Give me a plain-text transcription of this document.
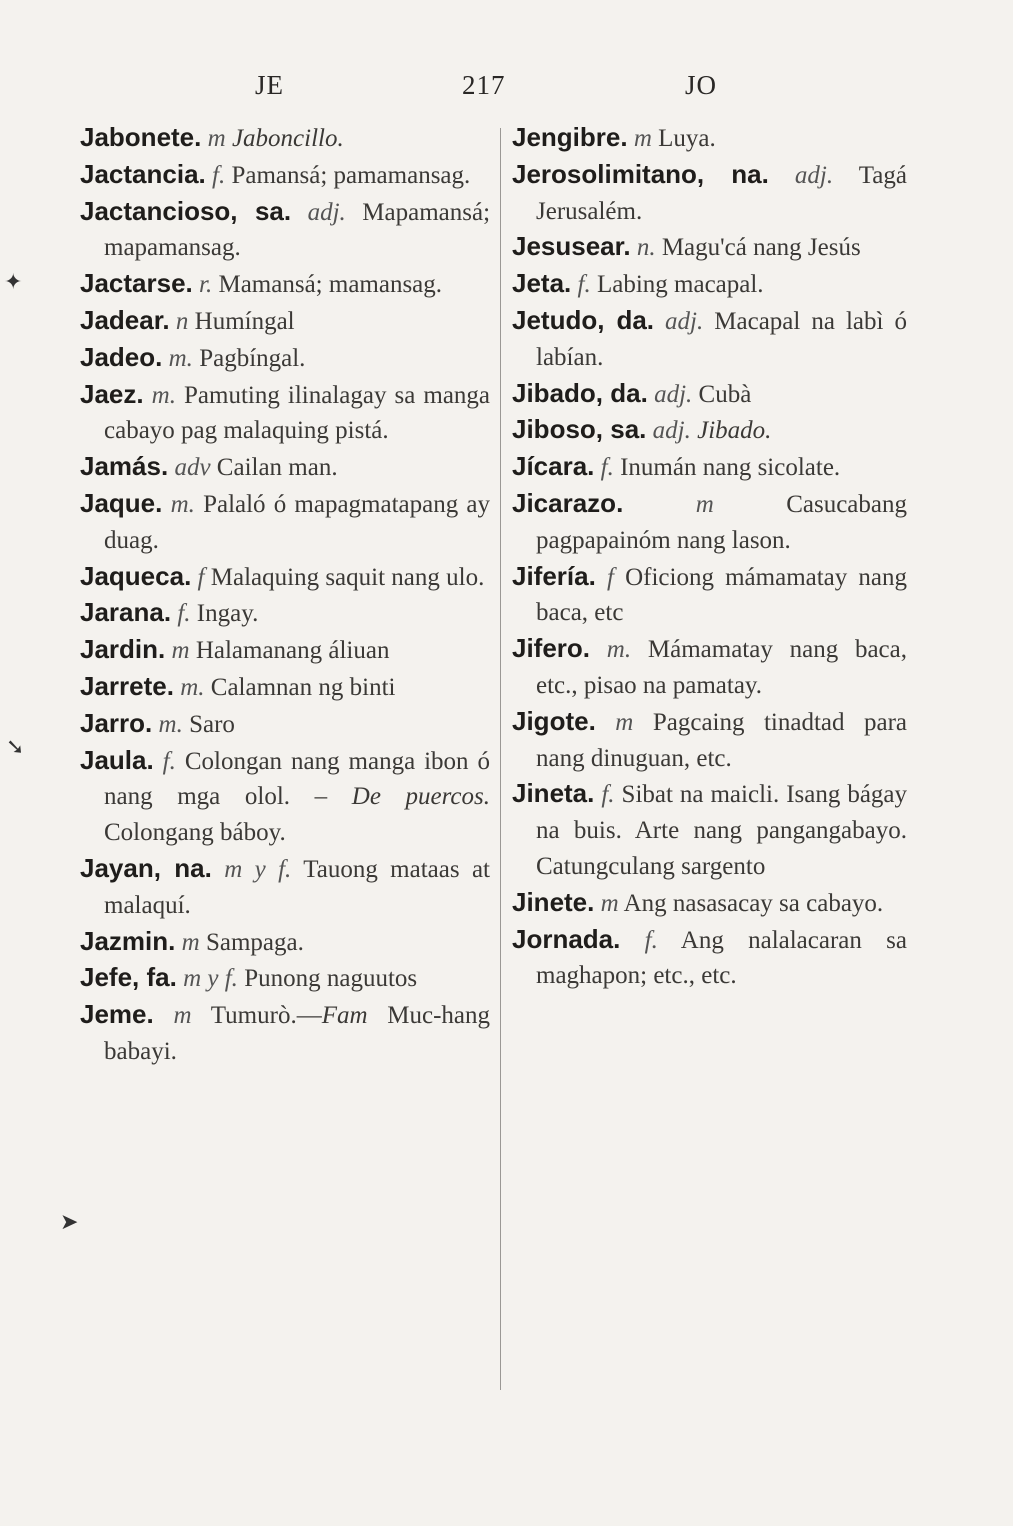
JE	217	JO
✦
➘
➤

Jabonete. m Jaboncillo.

Jactancia. f. Pamansá; pamamansag.

Jactancioso, sa. adj. Mapamansá; mapamansag.

Jactarse. r. Mamansá; mamansag.

Jadear. n Humíngal

Jadeo. m. Pagbíngal.

Jaez. m. Pamuting ilinalagay sa manga cabayo pag malaquing pistá.

Jamás. adv Cailan man.

Jaque. m. Palaló ó mapagmatapang ay duag.

Jaqueca. f Malaquing saquit nang ulo.

Jarana. f. Ingay.

Jardin. m Halamanang áliuan

Jarrete. m. Calamnan ng binti

Jarro. m. Saro

Jaula. f. Colongan nang manga ibon ó nang mga olol. – De puercos. Colongang báboy.

Jayan, na. m y f. Tauong mataas at malaquí.

Jazmin. m Sampaga.

Jefe, fa. m y f. Punong naguutos

Jeme. m Tumurò.—Fam Muc-hang babayi.

Jengibre. m Luya.

Jerosolimitano, na. adj. Tagá Jerusalém.

Jesusear. n. Magu'cá nang Jesús

Jeta. f. Labing macapal.

Jetudo, da. adj. Macapal na labì ó labían.

Jibado, da. adj. Cubà

Jiboso, sa. adj. Jibado.

Jícara. f. Inumán nang sicolate.

Jicarazo.	m	Casucabang pagpapainóm nang lason.

Jifería. f Oficiong mámamatay nang baca, etc

Jifero. m. Mámamatay nang baca, etc., pisao na pamatay.

Jigote. m Pagcaing tinadtad para nang dinuguan, etc.

Jineta. f. Sibat na maicli. Isang bágay na buis. Arte nang pangangabayo. Catungculang sargento

Jinete. m Ang nasasacay sa cabayo.

Jornada. f. Ang nalalacaran sa maghapon; etc., etc.
